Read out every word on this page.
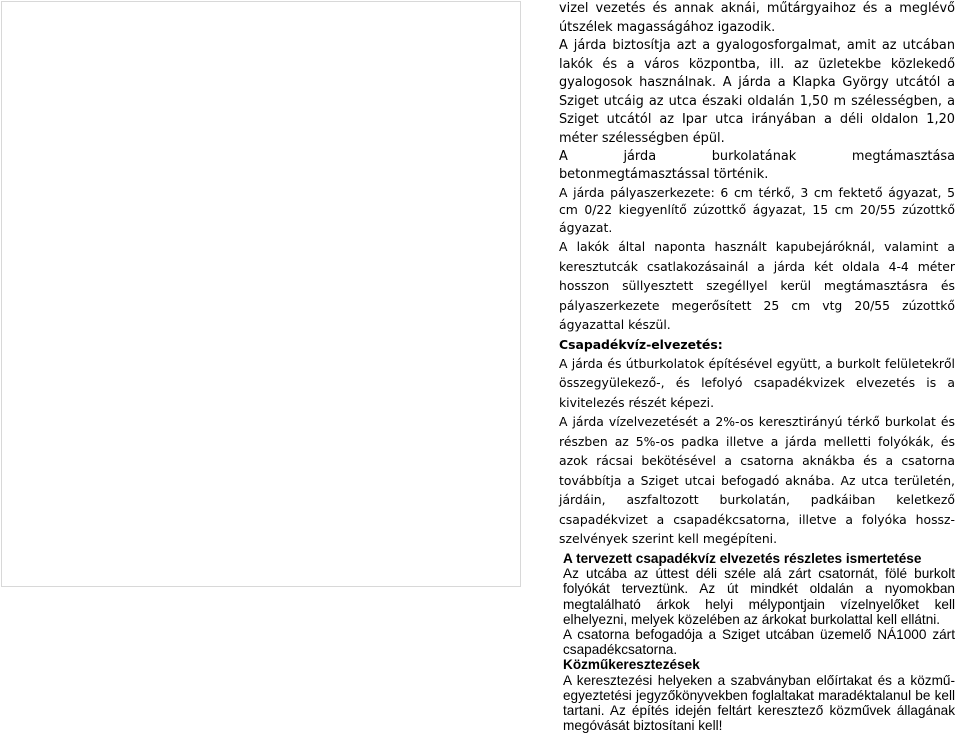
vizel vezetés és annak aknái, műtárgyaihoz és a meglévő útszélek magasságához igazodik.

A járda biztosítja azt a gyalogosforgalmat, amit az utcában lakók és a város központba, ill. az üzletekbe közlekedő gyalogosok használnak. A járda a Klapka György utcától a Sziget utcáig az utca északi oldalán 1,50 m szélességben, a Sziget utcától az Ipar utca irányában a déli oldalon 1,20 méter szélességben épül.

A járda burkolatának megtámasztása betonmegtámasztással történik.

A járda pályaszerkezete: 6 cm térkő, 3 cm fektető ágyazat, 5 cm 0/22 kiegyenlítő zúzottkő ágyazat, 15 cm 20/55 zúzottkő ágyazat.

A lakók által naponta használt kapubejáróknál, valamint a keresztutcák csatlakozásainál a járda két oldala 4-4 méter hosszon süllyesztett szegéllyel kerül megtámasztásra és pályaszerkezete megerősített 25 cm vtg 20/55 zúzottkő ágyazattal készül.

Csapadékvíz-elvezetés:

A járda és útburkolatok építésével együtt, a burkolt felületekről összegyülekező-, és lefolyó csapadékvizek elvezetés is a kivitelezés részét képezi.

A járda vízelvezetését a 2%-os keresztirányú térkő burkolat és részben az 5%-os padka illetve a járda melletti folyókák, és azok rácsai bekötésével a csatorna aknákba és a csatorna továbbítja a Sziget utcai befogadó aknába. Az utca területén, járdáin, aszfaltozott burkolatán, padkáiban keletkező csapadékvizet a csapadékcsatorna, illetve a folyóka hossz-szelvények szerint kell megépíteni.

A tervezett csapadékvíz elvezetés részletes ismertetése

Az utcába az úttest déli széle alá zárt csatornát, fölé burkolt folyókát terveztünk. Az út mindkét oldalán a nyomokban megtalálható árkok helyi mélypontjain vízelnyelőket kell elhelyezni, melyek közelében az árkokat burkolattal kell ellátni.

A csatorna befogadója a Sziget utcában üzemelő NÁ1000 zárt csapadékcsatorna.

Közműkeresztezések

A keresztezési helyeken a szabványban előírtakat és a közmű-egyeztetési jegyzőkönyvekben foglaltakat maradéktalanul be kell tartani. Az építés idején feltárt keresztező közművek állagának megóvását biztosítani kell!
